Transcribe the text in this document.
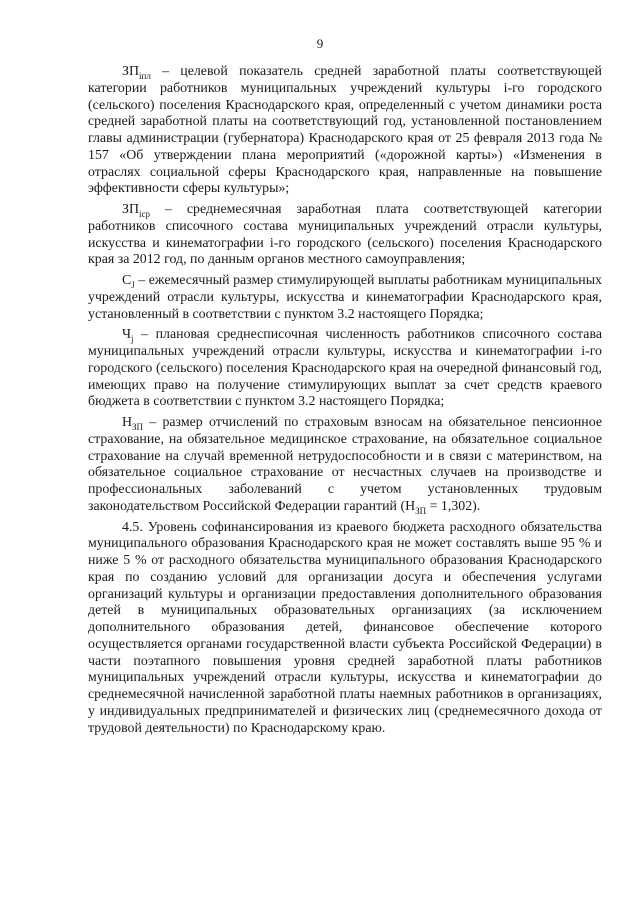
9

$ЗП_{iпл}$ – целевой показатель средней заработной платы соответствующей категории работников муниципальных учреждений культуры i-го городского (сельского) поселения Краснодарского края, определенный с учетом динамики роста средней заработной платы на соответствующий год, установленной постановлением главы администрации (губернатора) Краснодарского края от 25 февраля 2013 года № 157 «Об утверждении плана мероприятий («дорожной карты») «Изменения в отраслях социальной сферы Краснодарского края, направленные на повышение эффективности сферы культуры»;

$ЗП_{iср}$ – среднемесячная заработная плата соответствующей категории работников списочного состава муниципальных учреждений отрасли культуры, искусства и кинематографии i-го городского (сельского) поселения Краснодарского края за 2012 год, по данным органов местного самоуправления;

$С_J$ – ежемесячный размер стимулирующей выплаты работникам муниципальных учреждений отрасли культуры, искусства и кинематографии Краснодарского края, установленный в соответствии с пунктом 3.2 настоящего Порядка;

$Ч_j$ – плановая среднесписочная численность работников списочного состава муниципальных учреждений отрасли культуры, искусства и кинематографии i-го городского (сельского) поселения Краснодарского края на очередной финансовый год, имеющих право на получение стимулирующих выплат за счет средств краевого бюджета в соответствии с пунктом 3.2 настоящего Порядка;

$Н_{ЗП}$ – размер отчислений по страховым взносам на обязательное пенсионное страхование, на обязательное медицинское страхование, на обязательное социальное страхование на случай временной нетрудоспособности и в связи с материнством, на обязательное социальное страхование от несчастных случаев на производстве и профессиональных заболеваний с учетом установленных трудовым законодательством Российской Федерации гарантий $(Н_{ЗП} = 1,302)$.

4.5. Уровень софинансирования из краевого бюджета расходного обязательства муниципального образования Краснодарского края не может составлять выше 95 % и ниже 5 % от расходного обязательства муниципального образования Краснодарского края по созданию условий для организации досуга и обеспечения услугами организаций культуры и организации предоставления дополнительного образования детей в муниципальных образовательных организациях (за исключением дополнительного образования детей, финансовое обеспечение которого осуществляется органами государственной власти субъекта Российской Федерации) в части поэтапного повышения уровня средней заработной платы работников муниципальных учреждений отрасли культуры, искусства и кинематографии до среднемесячной начисленной заработной платы наемных работников в организациях, у индивидуальных предпринимателей и физических лиц (среднемесячного дохода от трудовой деятельности) по Краснодарскому краю.
